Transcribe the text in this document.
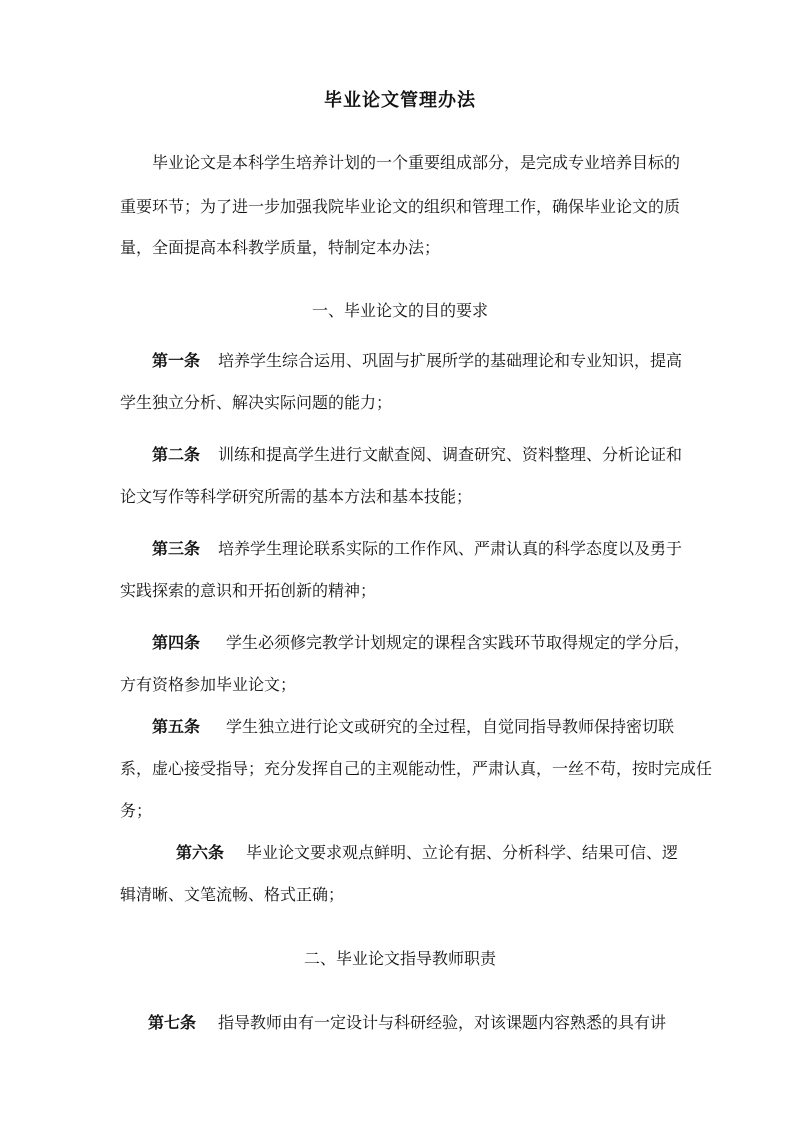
毕业论文管理办法
毕业论文是本科学生培养计划的一个重要组成部分，是完成专业培养目标的
重要环节；为了进一步加强我院毕业论文的组织和管理工作，确保毕业论文的质
量，全面提高本科教学质量，特制定本办法；
一、毕业论文的目的要求
第一条 培养学生综合运用、巩固与扩展所学的基础理论和专业知识，提高
学生独立分析、解决实际问题的能力；
第二条 训练和提高学生进行文献查阅、调查研究、资料整理、分析论证和
论文写作等科学研究所需的基本方法和基本技能；
第三条 培养学生理论联系实际的工作作风、严肃认真的科学态度以及勇于
实践探索的意识和开拓创新的精神；
第四条 学生必须修完教学计划规定的课程含实践环节取得规定的学分后，
方有资格参加毕业论文；
第五条 学生独立进行论文或研究的全过程，自觉同指导教师保持密切联
系，虚心接受指导；充分发挥自己的主观能动性，严肃认真，一丝不苟，按时完成任
务；
第六条 毕业论文要求观点鲜明、立论有据、分析科学、结果可信、逻
辑清晰、文笔流畅、格式正确；
二、毕业论文指导教师职责
第七条 指导教师由有一定设计与科研经验，对该课题内容熟悉的具有讲
